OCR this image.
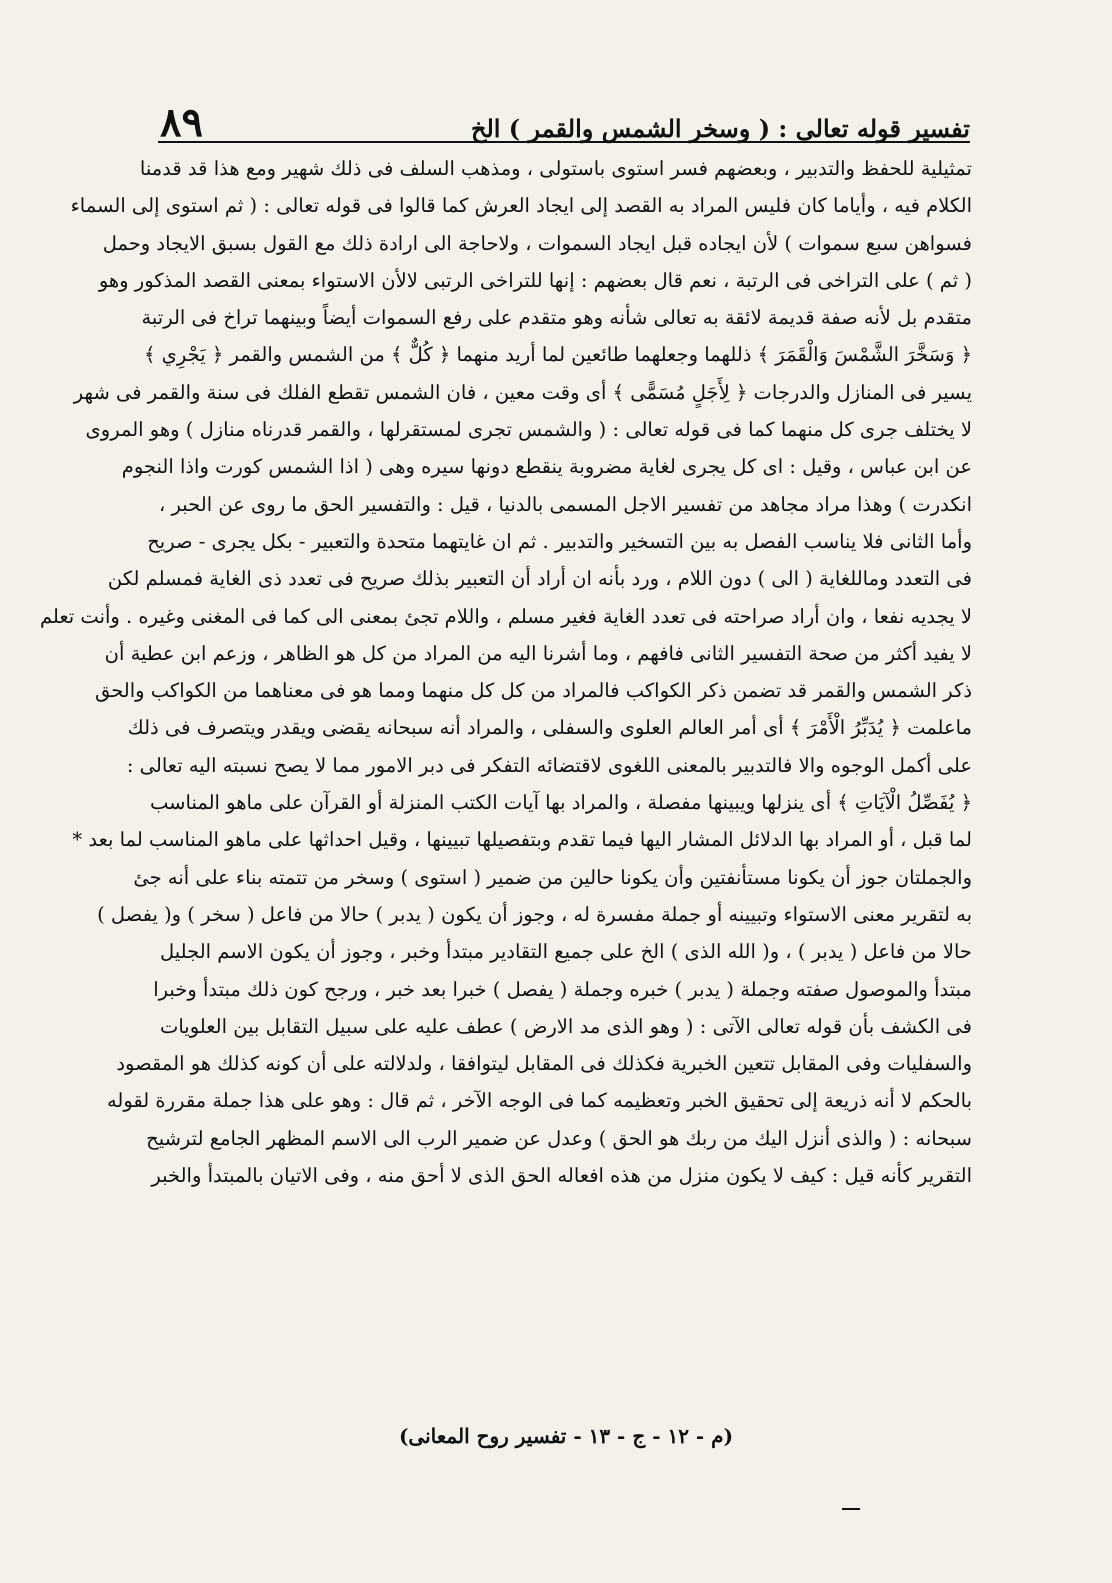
٨٩	تفسير قوله تعالى : ( وسخر الشمس والقمر ) الخ
تمثيلية للحفظ والتدبير ، وبعضهم فسر استوى باستولى ، ومذهب السلف فى ذلك شهير ومع هذا قد قدمنا
الكلام فيه ، وأياما كان فليس المراد به القصد إلى ايجاد العرش كما قالوا فى قوله تعالى : ( ثم استوى إلى السماء
فسواهن سبع سموات ) لأن ايجاده قبل ايجاد السموات ، ولاحاجة الى ارادة ذلك مع القول بسبق الايجاد وحمل
( ثم ) على التراخى فى الرتبة ، نعم قال بعضهم : إنها للتراخى الرتبى لالأن الاستواء بمعنى القصد المذكور وهو
متقدم بل لأنه صفة قديمة لائقة به تعالى شأنه وهو متقدم على رفع السموات أيضاً وبينهما تراخ فى الرتبة
﴿ وَسَخَّرَ الشَّمْسَ وَالْقَمَرَ ﴾ ذللهما وجعلهما طائعين لما أريد منهما ﴿ كُلٌّ ﴾ من الشمس والقمر ﴿ يَجْرِي ﴾
يسير فى المنازل والدرجات ﴿ لِأَجَلٍ مُسَمًّى ﴾ أى وقت معين ، فان الشمس تقطع الفلك فى سنة والقمر فى شهر
لا يختلف جرى كل منهما كما فى قوله تعالى : ( والشمس تجرى لمستقرلها ، والقمر قدرناه منازل ) وهو المروى
عن ابن عباس ، وقيل : اى كل يجرى لغاية مضروبة ينقطع دونها سيره وهى ( اذا الشمس كورت واذا النجوم
انكدرت ) وهذا مراد مجاهد من تفسير الاجل المسمى بالدنيا ، قيل : والتفسير الحق ما روى عن الحبر ،
وأما الثانى فلا يناسب الفصل به بين التسخير والتدبير . ثم ان غايتهما متحدة والتعبير - بكل يجرى - صريح
فى التعدد وماللغاية ( الى ) دون اللام ، ورد بأنه ان أراد أن التعبير بذلك صريح فى تعدد ذى الغاية فمسلم لكن
لا يجديه نفعا ، وان أراد صراحته فى تعدد الغاية فغير مسلم ، واللام تجئ بمعنى الى كما فى المغنى وغيره . وأنت تعلم
لا يفيد أكثر من صحة التفسير الثانى فافهم ، وما أشرنا اليه من المراد من كل هو الظاهر ، وزعم ابن عطية أن
ذكر الشمس والقمر قد تضمن ذكر الكواكب فالمراد من كل كل منهما ومما هو فى معناهما من الكواكب والحق
ماعلمت ﴿ يُدَبِّرُ الْأَمْرَ ﴾ أى أمر العالم العلوى والسفلى ، والمراد أنه سبحانه يقضى ويقدر ويتصرف فى ذلك
على أكمل الوجوه والا فالتدبير بالمعنى اللغوى لاقتضائه التفكر فى دبر الامور مما لا يصح نسبته اليه تعالى :
﴿ يُفَصِّلُ الْآيَاتِ ﴾ أى ينزلها ويبينها مفصلة ، والمراد بها آيات الكتب المنزلة أو القرآن على ماهو المناسب
لما قبل ، أو المراد بها الدلائل المشار اليها فيما تقدم وبتفصيلها تبيينها ، وقيل احداثها على ماهو المناسب لما بعد *
والجملتان جوز أن يكونا مستأنفتين وأن يكونا حالين من ضمير ( استوى ) وسخر من تتمته بناء على أنه جئ
به لتقرير معنى الاستواء وتبيينه أو جملة مفسرة له ، وجوز أن يكون ( يدبر ) حالا من فاعل ( سخر ) و( يفصل )
حالا من فاعل ( يدبر ) ، و( الله الذى ) الخ على جميع التقادير مبتدأ وخبر ، وجوز أن يكون الاسم الجليل
مبتدأ والموصول صفته وجملة ( يدبر ) خبره وجملة ( يفصل ) خبرا بعد خبر ، ورجح كون ذلك مبتدأ وخبرا
فى الكشف بأن قوله تعالى الآتى : ( وهو الذى مد الارض ) عطف عليه على سبيل التقابل بين العلويات
والسفليات وفى المقابل تتعين الخبرية فكذلك فى المقابل ليتوافقا ، ولدلالته على أن كونه كذلك هو المقصود
بالحكم لا أنه ذريعة إلى تحقيق الخبر وتعظيمه كما فى الوجه الآخر ، ثم قال : وهو على هذا جملة مقررة لقوله
سبحانه : ( والذى أنزل اليك من ربك هو الحق ) وعدل عن ضمير الرب الى الاسم المظهر الجامع لترشيح
التقرير كأنه قيل : كيف لا يكون منزل من هذه افعاله الحق الذى لا أحق منه ، وفى الاتيان بالمبتدأ والخبر
(م - ١٢ - ج - ١٣ - تفسير روح المعانى)
